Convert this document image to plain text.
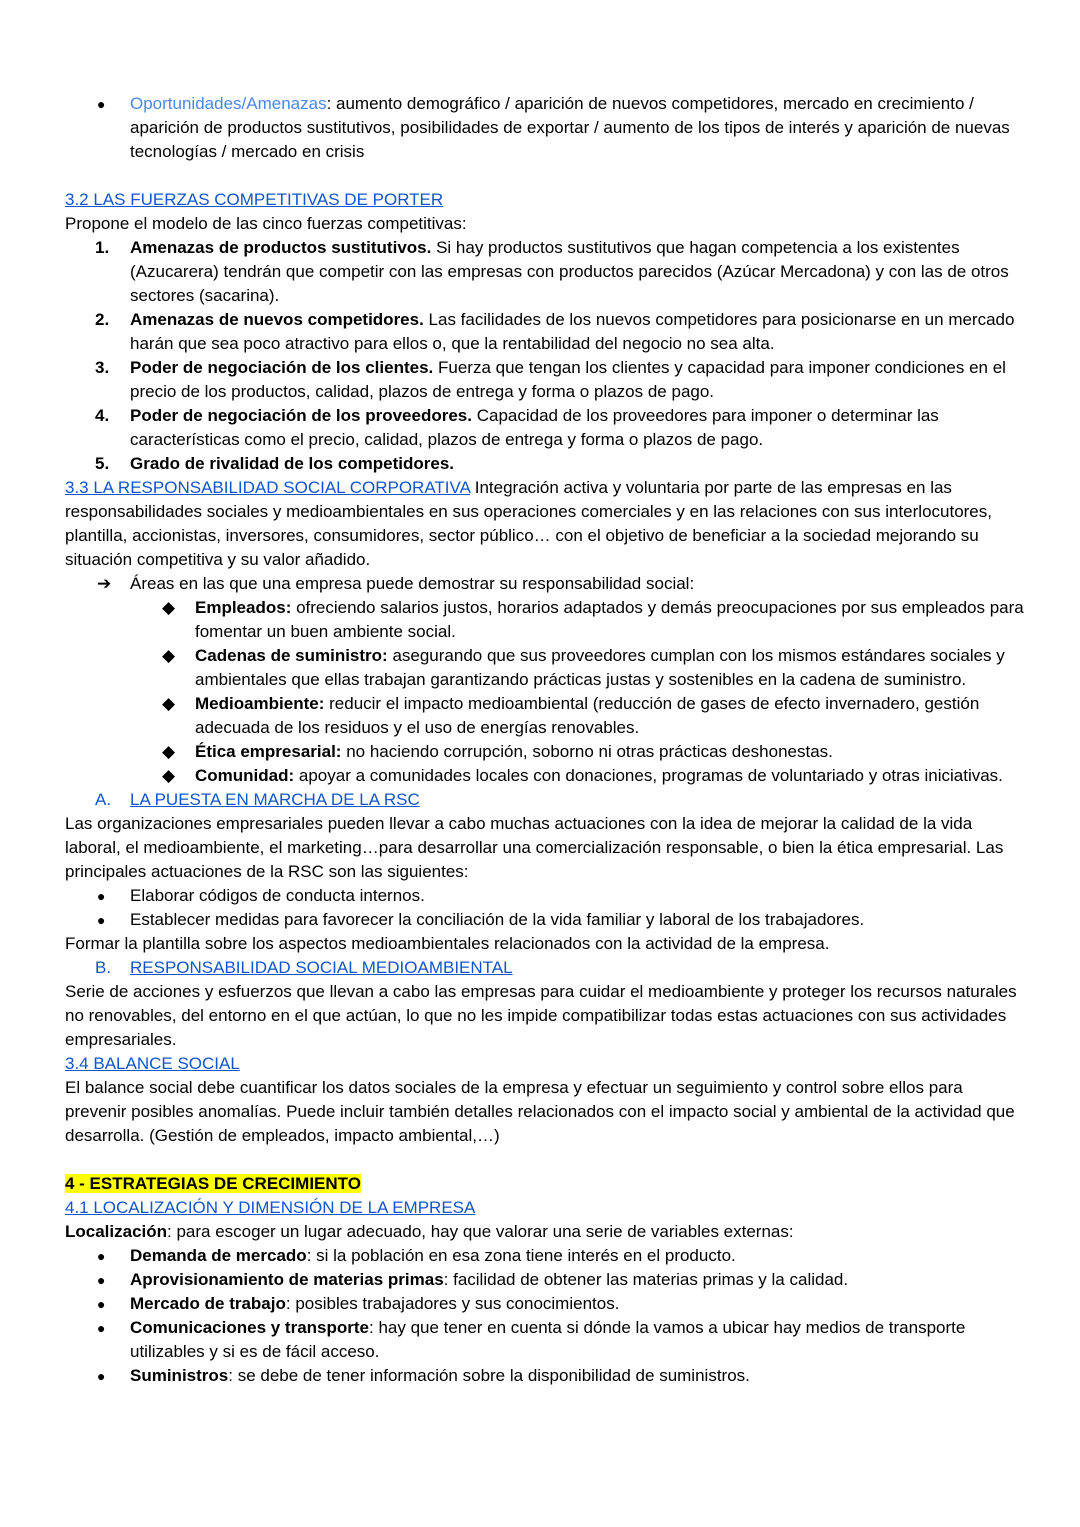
● Oportunidades/Amenazas: aumento demográfico / aparición de nuevos competidores, mercado en crecimiento / aparición de productos sustitutivos, posibilidades de exportar / aumento de los tipos de interés y aparición de nuevas tecnologías / mercado en crisis

3.2 LAS FUERZAS COMPETITIVAS DE PORTER

Propone el modelo de las cinco fuerzas competitivas:

1. Amenazas de productos sustitutivos. Si hay productos sustitutivos que hagan competencia a los existentes (Azucarera) tendrán que competir con las empresas con productos parecidos (Azúcar Mercadona) y con las de otros sectores (sacarina).
2. Amenazas de nuevos competidores. Las facilidades de los nuevos competidores para posicionarse en un mercado harán que sea poco atractivo para ellos o, que la rentabilidad del negocio no sea alta.
3. Poder de negociación de los clientes. Fuerza que tengan los clientes y capacidad para imponer condiciones en el precio de los productos, calidad, plazos de entrega y forma o plazos de pago.
4. Poder de negociación de los proveedores. Capacidad de los proveedores para imponer o determinar las características como el precio, calidad, plazos de entrega y forma o plazos de pago.
5. Grado de rivalidad de los competidores.

3.3 LA RESPONSABILIDAD SOCIAL CORPORATIVA Integración activa y voluntaria por parte de las empresas en las responsabilidades sociales y medioambientales en sus operaciones comerciales y en las relaciones con sus interlocutores, plantilla, accionistas, inversores, consumidores, sector público… con el objetivo de beneficiar a la sociedad mejorando su situación competitiva y su valor añadido.

➔ Áreas en las que una empresa puede demostrar su responsabilidad social:
◆ Empleados: ofreciendo salarios justos, horarios adaptados y demás preocupaciones por sus empleados para fomentar un buen ambiente social.
◆ Cadenas de suministro: asegurando que sus proveedores cumplan con los mismos estándares sociales y ambientales que ellas trabajan garantizando prácticas justas y sostenibles en la cadena de suministro.
◆ Medioambiente: reducir el impacto medioambiental (reducción de gases de efecto invernadero, gestión adecuada de los residuos y el uso de energías renovables.
◆ Ética empresarial: no haciendo corrupción, soborno ni otras prácticas deshonestas.
◆ Comunidad: apoyar a comunidades locales con donaciones, programas de voluntariado y otras iniciativas.
A. LA PUESTA EN MARCHA DE LA RSC

Las organizaciones empresariales pueden llevar a cabo muchas actuaciones con la idea de mejorar la calidad de la vida laboral, el medioambiente, el marketing…para desarrollar una comercialización responsable, o bien la ética empresarial. Las principales actuaciones de la RSC son las siguientes:

● Elaborar códigos de conducta internos.
● Establecer medidas para favorecer la conciliación de la vida familiar y laboral de los trabajadores.

Formar la plantilla sobre los aspectos medioambientales relacionados con la actividad de la empresa.

B. RESPONSABILIDAD SOCIAL MEDIOAMBIENTAL

Serie de acciones y esfuerzos que llevan a cabo las empresas para cuidar el medioambiente y proteger los recursos naturales no renovables, del entorno en el que actúan, lo que no les impide compatibilizar todas estas actuaciones con sus actividades empresariales.

3.4 BALANCE SOCIAL

El balance social debe cuantificar los datos sociales de la empresa y efectuar un seguimiento y control sobre ellos para prevenir posibles anomalías. Puede incluir también detalles relacionados con el impacto social y ambiental de la actividad que desarrolla. (Gestión de empleados, impacto ambiental,…)

4 - ESTRATEGIAS DE CRECIMIENTO

4.1 LOCALIZACIÓN Y DIMENSIÓN DE LA EMPRESA

Localización: para escoger un lugar adecuado, hay que valorar una serie de variables externas:

● Demanda de mercado: si la población en esa zona tiene interés en el producto.
● Aprovisionamiento de materias primas: facilidad de obtener las materias primas y la calidad.
● Mercado de trabajo: posibles trabajadores y sus conocimientos.
● Comunicaciones y transporte: hay que tener en cuenta si dónde la vamos a ubicar hay medios de transporte utilizables y si es de fácil acceso.
● Suministros: se debe de tener información sobre la disponibilidad de suministros.
